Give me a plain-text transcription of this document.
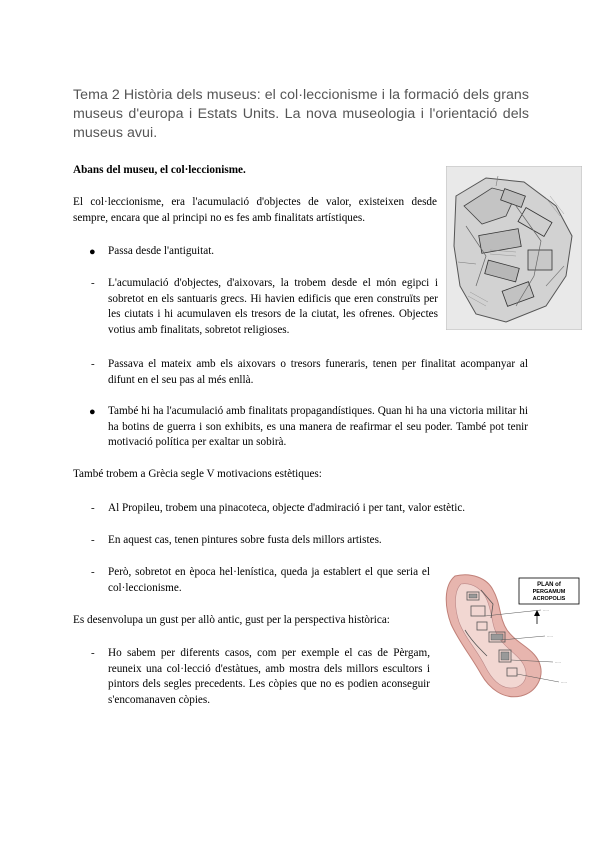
Tema 2 Història dels museus: el col·leccionisme i la formació dels grans museus d'europa i Estats Units. La nova museologia i l'orientació dels museus avui.
Abans del museu, el col·leccionisme.
El col·leccionisme, era l'acumulació d'objectes de valor, existeixen desde sempre, encara que al principi no es fes amb finalitats artístiques.
● Passa desde l'antiguitat.
- L'acumulació d'objectes, d'aixovars, la trobem desde el món egipci i sobretot en els santuaris grecs. Hi havien edificis que eren construïts per les ciutats i hi acumulaven els tresors de la ciutat, les ofrenes. Objectes votius amb finalitats, sobretot religioses.
- Passava el mateix amb els aixovars o tresors funeraris, tenen per finalitat acompanyar al difunt en el seu pas al més enllà.
● També hi ha l'acumulació amb finalitats propagandístiques. Quan hi ha una victoria militar hi ha botins de guerra i son exhibits, es una manera de reafirmar el seu poder. També pot tenir motivació política per exaltar un sobirà.
També trobem a Grècia segle V motivacions estètiques:
- Al Propileu, trobem una pinacoteca, objecte d'admiració i per tant, valor estètic.
- En aquest cas, tenen pintures sobre fusta dels millors artistes.
- Però, sobretot en època hel·lenística, queda ja establert el que seria el col·leccionisme.
Es desenvolupa un gust per allò antic, gust per la perspectiva històrica:
- Ho sabem per diferents casos, com per exemple el cas de Pèrgam, reuneix una col·lecció d'estàtues, amb mostra dels millors escultors i pintors dels segles precedents. Les còpies que no es podien aconseguir s'encomanaven còpies.
·····
·····
·····
·····
PLAN of
PERGAMUM
ACROPOLIS
